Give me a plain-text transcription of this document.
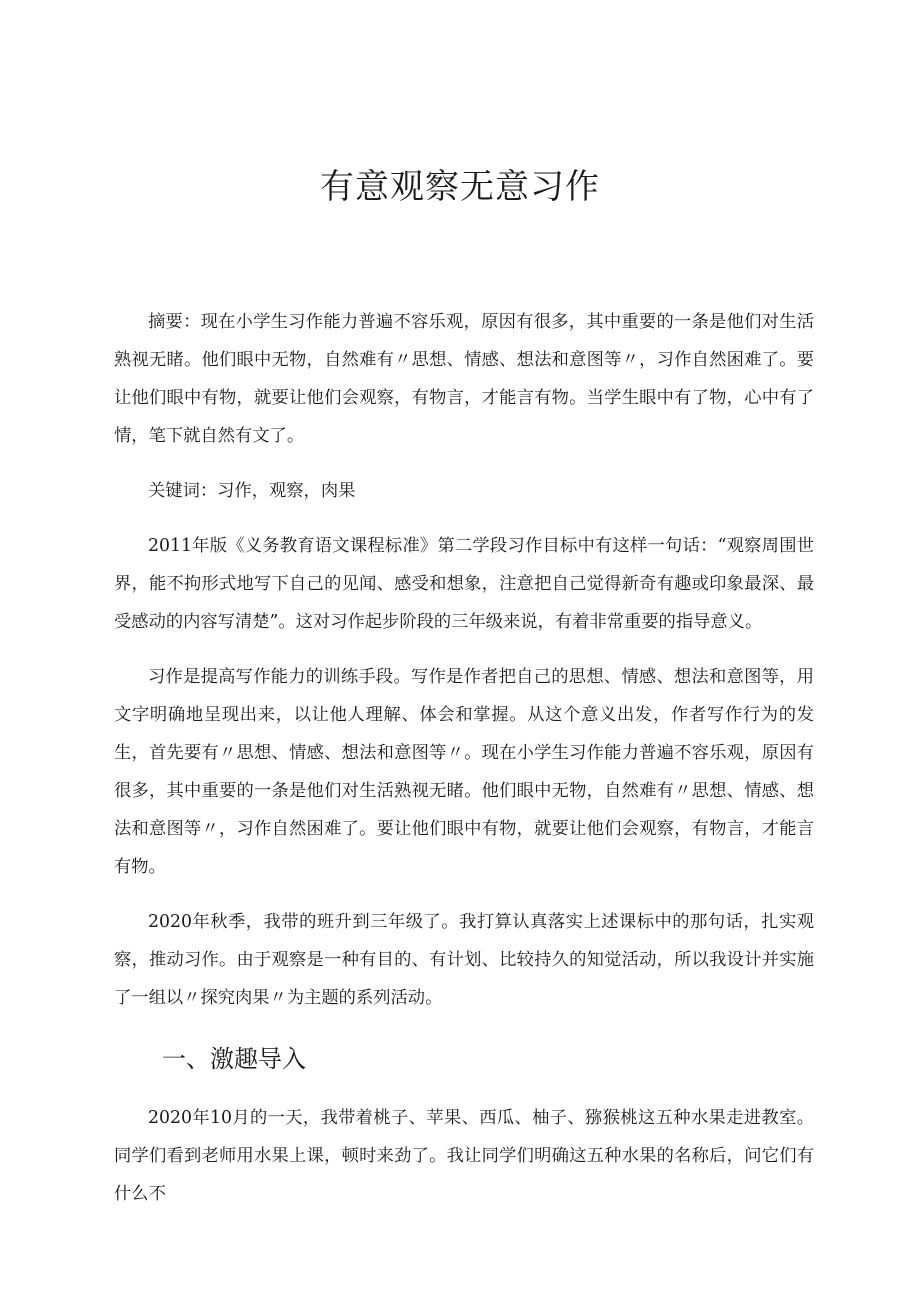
有意观察无意习作

摘要：现在小学生习作能力普遍不容乐观，原因有很多，其中重要的一条是他们对生活熟视无睹。他们眼中无物，自然难有〃思想、情感、想法和意图等〃，习作自然困难了。要让他们眼中有物，就要让他们会观察，有物言，才能言有物。当学生眼中有了物，心中有了情，笔下就自然有文了。

关键词：习作，观察，肉果

2011年版《义务教育语文课程标准》第二学段习作目标中有这样一句话：“观察周围世界，能不拘形式地写下自己的见闻、感受和想象，注意把自己觉得新奇有趣或印象最深、最受感动的内容写清楚”。这对习作起步阶段的三年级来说，有着非常重要的指导意义。

习作是提高写作能力的训练手段。写作是作者把自己的思想、情感、想法和意图等，用文字明确地呈现出来，以让他人理解、体会和掌握。从这个意义出发，作者写作行为的发生，首先要有〃思想、情感、想法和意图等〃。现在小学生习作能力普遍不容乐观，原因有很多，其中重要的一条是他们对生活熟视无睹。他们眼中无物，自然难有〃思想、情感、想法和意图等〃，习作自然困难了。要让他们眼中有物，就要让他们会观察，有物言，才能言有物。

2020年秋季，我带的班升到三年级了。我打算认真落实上述课标中的那句话，扎实观察，推动习作。由于观察是一种有目的、有计划、比较持久的知觉活动，所以我设计并实施了一组以〃探究肉果〃为主题的系列活动。

一、激趣导入

2020年10月的一天，我带着桃子、苹果、西瓜、柚子、猕猴桃这五种水果走进教室。同学们看到老师用水果上课，顿时来劲了。我让同学们明确这五种水果的名称后，问它们有什么不
